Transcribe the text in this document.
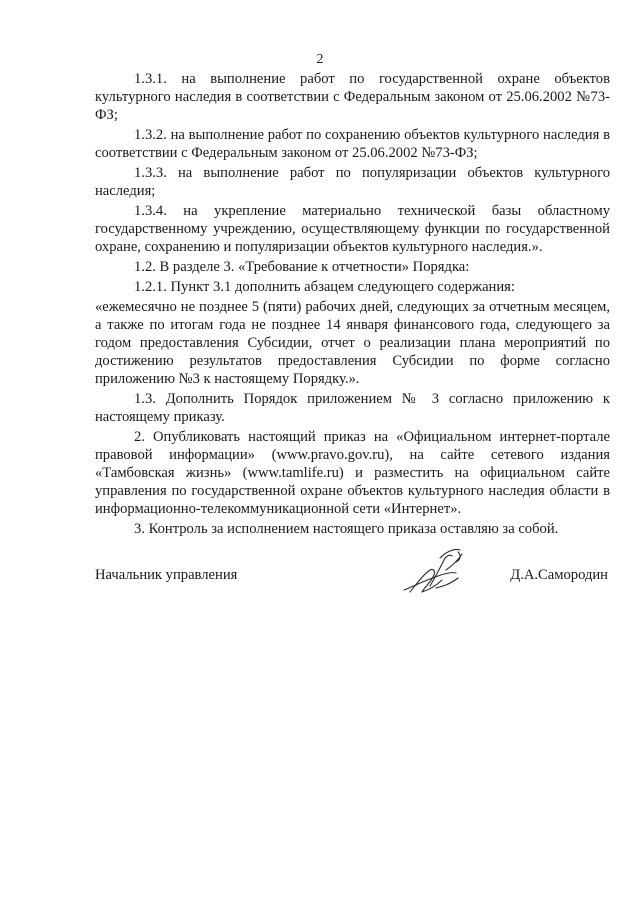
2

1.3.1. на выполнение работ по государственной охране объектов культурного наследия в соответствии с Федеральным законом от 25.06.2002 №73-ФЗ;

1.3.2. на выполнение работ по сохранению объектов культурного наследия в соответствии с Федеральным законом от 25.06.2002 №73-ФЗ;

1.3.3. на выполнение работ по популяризации объектов культурного наследия;

1.3.4. на укрепление материально технической базы областному государственному учреждению, осуществляющему функции по государственной охране, сохранению и популяризации объектов культурного наследия.».

1.2. В разделе 3. «Требование к отчетности» Порядка:

1.2.1. Пункт 3.1 дополнить абзацем следующего содержания:

«ежемесячно не позднее 5 (пяти) рабочих дней, следующих за отчетным месяцем, а также по итогам года не позднее 14 января финансового года, следующего за годом предоставления Субсидии, отчет о реализации плана мероприятий по достижению результатов предоставления Субсидии по форме согласно приложению №3 к настоящему Порядку.».

1.3. Дополнить Порядок приложением № 3 согласно приложению к настоящему приказу.

2. Опубликовать настоящий приказ на «Официальном интернет-портале правовой информации» (www.pravo.gov.ru), на сайте сетевого издания «Тамбовская жизнь» (www.tamlife.ru) и разместить на официальном сайте управления по государственной охране объектов культурного наследия области в информационно-телекоммуникационной сети «Интернет».

3. Контроль за исполнением настоящего приказа оставляю за собой.

Начальник управления	Д.А.Самородин
